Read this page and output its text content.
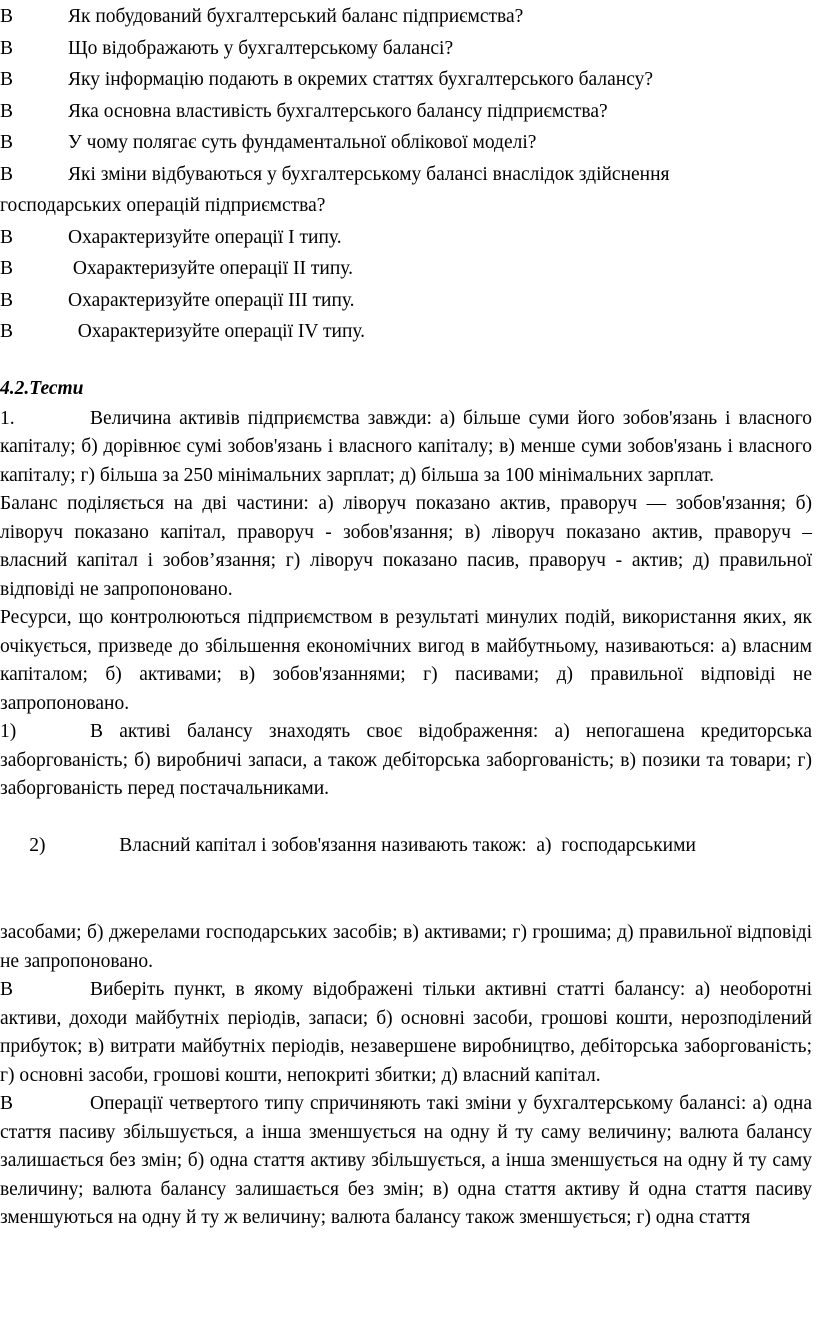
В	Як побудований бухгалтерський баланс підприємства?
В	Що відображають у бухгалтерському балансі?
В	Яку інформацію подають в окремих статтях бухгалтерського балансу?
В	Яка основна властивість бухгалтерського балансу підприємства?
В	У чому полягає суть фундаментальної облікової моделі?
В	Які зміни відбуваються у бухгалтерському балансі внаслідок здійснення
господарських операцій підприємства?
В	Охарактеризуйте операції І типу.
В	Охарактеризуйте операції ІІ типу.
В	Охарактеризуйте операції ІІІ типу.
В	Охарактеризуйте операції ІV типу.
4.2.Тести
1.	Величина активів підприємства завжди: а) більше суми його зобов'язань і власного капіталу; б) дорівнює сумі зобов'язань і власного капіталу; в) менше суми зобов'язань і власного капіталу; г) більша за 250 мінімальних зарплат; д) більша за 100 мінімальних зарплат.
Баланс поділяється на дві частини: а) ліворуч показано актив, праворуч — зобов'язання; б) ліворуч показано капітал, праворуч - зобов'язання; в) ліворуч показано актив, праворуч – власний капітал і зобов’язання; г) ліворуч показано пасив, праворуч - актив; д) правильної відповіді не запропоновано.
Ресурси, що контролюються підприємством в результаті минулих подій, використання яких, як очікується, призведе до збільшення економічних вигод в майбутньому, називаються: а) власним капіталом; б) активами; в) зобов'язаннями; г) пасивами; д) правильної відповіді не запропоновано.
1)	В активі балансу знаходять своє відображення: а) непогашена кредиторська заборгованість; б) виробничі запаси, а також дебіторська заборгованість; в) позики та товари; г) заборгованість перед постачальниками.

2)	Власний капітал і зобов'язання називають також:  а)  господарськими

засобами; б) джерелами господарських засобів; в) активами; г) грошима; д) правильної відповіді не запропоновано.
В	Виберіть пункт, в якому відображені тільки активні статті балансу: а) необоротні активи, доходи майбутніх періодів, запаси; б) основні засоби, грошові кошти, нерозподілений прибуток; в) витрати майбутніх періодів, незавершене виробництво, дебіторська заборгованість; г) основні засоби, грошові кошти, непокриті збитки; д) власний капітал.
В	Операції четвертого типу спричиняють такі зміни у бухгалтерському балансі: а) одна стаття пасиву збільшується, а інша зменшується на одну й ту саму величину; валюта балансу залишається без змін; б) одна стаття активу збільшується, а інша зменшується на одну й ту саму величину; валюта балансу залишається без змін; в) одна стаття активу й одна стаття пасиву зменшуються на одну й ту ж величину; валюта балансу також зменшується; г) одна стаття
